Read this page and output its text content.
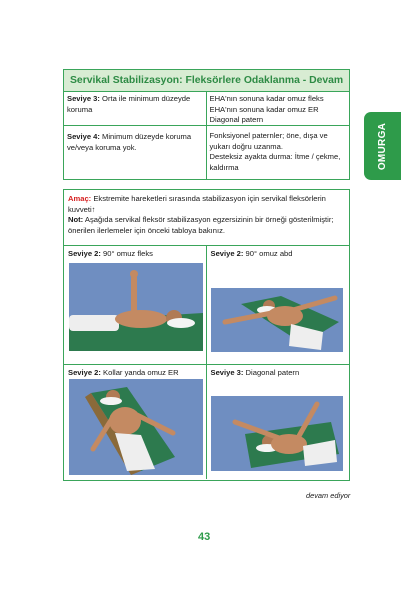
OMURGA
Servikal Stabilizasyon: Fleksörlere Odaklanma - Devam
Seviye 3: Orta ile minimum düzeyde koruma
EHA'nın sonuna kadar omuz fleks
EHA'nın sonuna kadar omuz ER
Diagonal patern
Seviye 4: Minimum düzeyde koruma ve/veya koruma yok.
Fonksiyonel paternler; öne, dışa ve yukarı doğru uzanma.
Desteksiz ayakta durma: İtme / çekme, kaldırma
Amaç: Ekstremite hareketleri sırasında stabilizasyon için servikal fleksörlerin kuvveti↑
Not: Aşağıda servikal fleksör stabilizasyon egzersizinin bir örneği gösterilmiştir; önerilen ilerlemeler için önceki tabloya bakınız.
Seviye 2: 90° omuz fleks	Seviye 2: 90° omuz abd
Seviye 2: Kollar yanda omuz ER	Seviye 3: Diagonal patern
devam ediyor
43
